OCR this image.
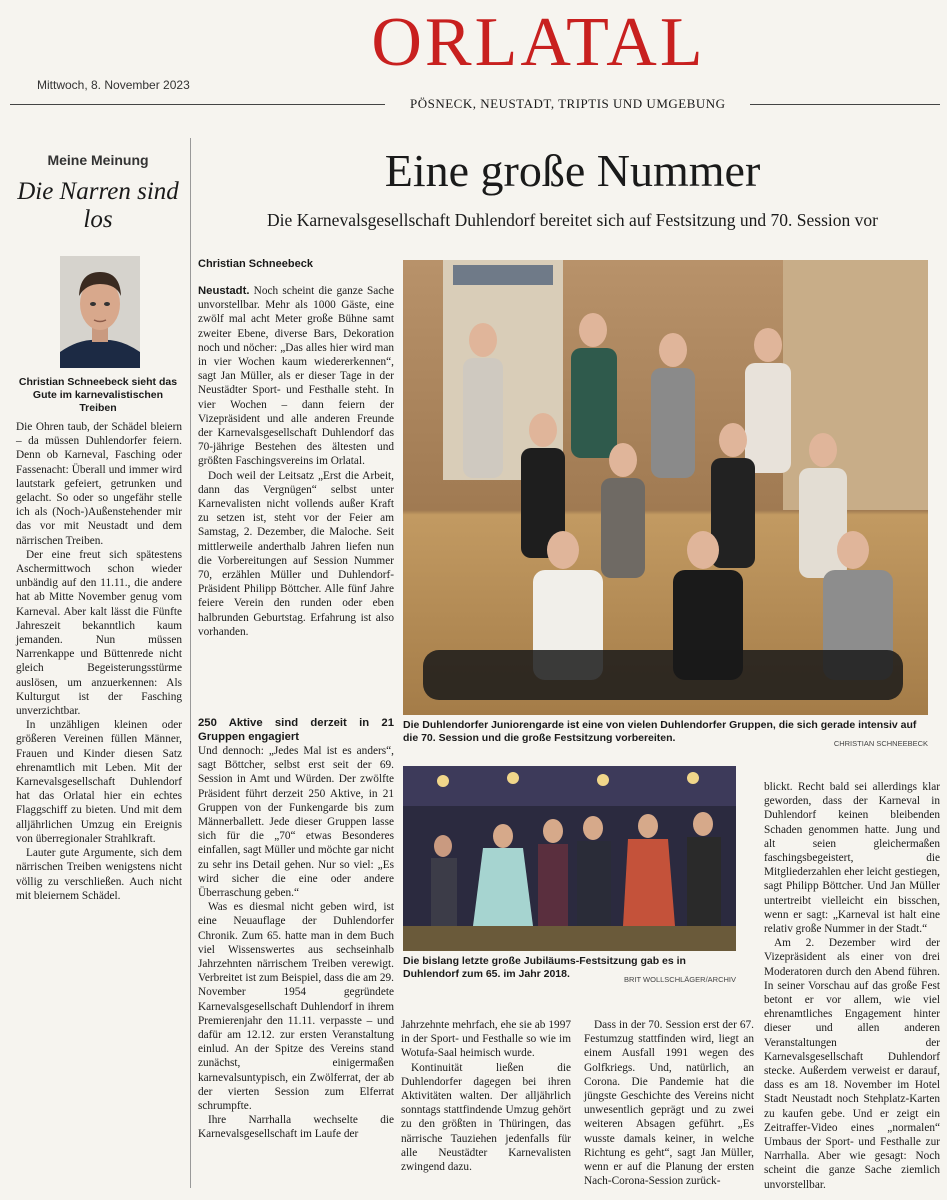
ORLATAL
Mittwoch, 8. November 2023
PÖSNECK, NEUSTADT, TRIPTIS UND UMGEBUNG
Meine Meinung
Die Narren sind los
Christian Schneebeck sieht das Gute im karnevalistischen Treiben

Die Ohren taub, der Schädel bleiern – da müssen Duhlendorfer feiern. Denn ob Karneval, Fasching oder Fassenacht: Überall und immer wird lautstark gefeiert, getrunken und gelacht. So oder so ungefähr stelle ich als (Noch-)Außenstehender mir das vor mit Neustadt und dem närrischen Treiben.

Der eine freut sich spätestens Aschermittwoch schon wieder unbändig auf den 11.11., die andere hat ab Mitte November genug vom Karneval. Aber kalt lässt die Fünfte Jahreszeit bekanntlich kaum jemanden. Nun müssen Narrenkappe und Büttenrede nicht gleich Begeisterungsstürme auslösen, um anzuerkennen: Als Kulturgut ist der Fasching unverzichtbar.

In unzähligen kleinen oder größeren Vereinen füllen Männer, Frauen und Kinder diesen Satz ehrenamtlich mit Leben. Mit der Karnevalsgesellschaft Duhlendorf hat das Orlatal hier ein echtes Flaggschiff zu bieten. Und mit dem alljährlichen Umzug ein Ereignis von überregionaler Strahlkraft.

Lauter gute Argumente, sich dem närrischen Treiben wenigstens nicht völlig zu verschließen. Auch nicht mit bleiernem Schädel.

Eine große Nummer
Die Karnevalsgesellschaft Duhlendorf bereitet sich auf Festsitzung und 70. Session vor
Christian Schneebeck

Neustadt. Noch scheint die ganze Sache unvorstellbar. Mehr als 1000 Gäste, eine zwölf mal acht Meter große Bühne samt zweiter Ebene, diverse Bars, Dekoration noch und nöcher: „Das alles hier wird man in vier Wochen kaum wiedererkennen“, sagt Jan Müller, als er dieser Tage in der Neustädter Sport- und Festhalle steht. In vier Wochen – dann feiern der Vizepräsident und alle anderen Freunde der Karnevalsgesellschaft Duhlendorf das 70-jährige Bestehen des ältesten und größten Faschingsvereins im Orlatal.

Doch weil der Leitsatz „Erst die Arbeit, dann das Vergnügen“ selbst unter Karnevalisten nicht vollends außer Kraft zu setzen ist, steht vor der Feier am Samstag, 2. Dezember, die Maloche. Seit mittlerweile anderthalb Jahren liefen nun die Vorbereitungen auf Session Nummer 70, erzählen Müller und Duhlendorf-Präsident Philipp Böttcher. Alle fünf Jahre feiere Verein den runden oder eben halbrunden Geburtstag. Erfahrung ist also vorhanden.

250 Aktive sind derzeit in 21 Gruppen engagiert

Und dennoch: „Jedes Mal ist es anders“, sagt Böttcher, selbst erst seit der 69. Session in Amt und Würden. Der zwölfte Präsident führt derzeit 250 Aktive, in 21 Gruppen von der Funkengarde bis zum Männerballett. Jede dieser Gruppen lasse sich für die „70“ etwas Besonderes einfallen, sagt Müller und möchte gar nicht zu sehr ins Detail gehen. Nur so viel: „Es wird sicher die eine oder andere Überraschung geben.“

Was es diesmal nicht geben wird, ist eine Neuauflage der Duhlendorfer Chronik. Zum 65. hatte man in dem Buch viel Wissenswertes aus sechseinhalb Jahrzehnten närrischem Treiben verewigt. Verbreitet ist zum Beispiel, dass die am 29. November 1954 gegründete Karnevalsgesellschaft Duhlendorf in ihrem Premierenjahr den 11.11. verpasste – und dafür am 12.12. zur ersten Veranstaltung einlud. An der Spitze des Vereins stand zunächst, einigermaßen karnevalsuntypisch, ein Zwölferrat, der ab der vierten Session zum Elferrat schrumpfte.

Ihre Narrhalla wechselte die Karnevalsgesellschaft im Laufe der

Die Duhlendorfer Juniorengarde ist eine von vielen Duhlendorfer Gruppen, die sich gerade intensiv auf die 70. Session und die große Festsitzung vorbereiten.	CHRISTIAN SCHNEEBECK
Die bislang letzte große Jubiläums-Festsitzung gab es in Duhlendorf zum 65. im Jahr 2018.	BRIT WOLLSCHLÄGER/ARCHIV

Jahrzehnte mehrfach, ehe sie ab 1997 in der Sport- und Festhalle so wie im Wotufa-Saal heimisch wurde.

Kontinuität ließen die Duhlendorfer dagegen bei ihren Aktivitäten walten. Der alljährlich sonntags stattfindende Umzug gehört zu den größten in Thüringen, das närrische Tauziehen jedenfalls für alle Neustädter Karnevalisten zwingend dazu.

Dass in der 70. Session erst der 67. Festumzug stattfinden wird, liegt an einem Ausfall 1991 wegen des Golfkriegs. Und, natürlich, an Corona. Die Pandemie hat die jüngste Geschichte des Vereins nicht unwesentlich geprägt und zu zwei weiteren Absagen geführt. „Es wusste damals keiner, in welche Richtung es geht“, sagt Jan Müller, wenn er auf die Planung der ersten Nach-Corona-Session zurück-

blickt. Recht bald sei allerdings klar geworden, dass der Karneval in Duhlendorf keinen bleibenden Schaden genommen hatte. Jung und alt seien gleichermaßen faschingsbegeistert, die Mitgliederzahlen eher leicht gestiegen, sagt Philipp Böttcher. Und Jan Müller untertreibt vielleicht ein bisschen, wenn er sagt: „Karneval ist halt eine relativ große Nummer in der Stadt.“

Am 2. Dezember wird der Vizepräsident als einer von drei Moderatoren durch den Abend führen. In seiner Vorschau auf das große Fest betont er vor allem, wie viel ehrenamtliches Engagement hinter dieser und allen anderen Veranstaltungen der Karnevalsgesellschaft Duhlendorf stecke. Außerdem verweist er darauf, dass es am 18. November im Hotel Stadt Neustadt noch Stehplatz-Karten zu kaufen gebe. Und er zeigt ein Zeitraffer-Video eines „normalen“ Umbaus der Sport- und Festhalle zur Narrhalla. Aber wie gesagt: Noch scheint die ganze Sache ziemlich unvorstellbar.
